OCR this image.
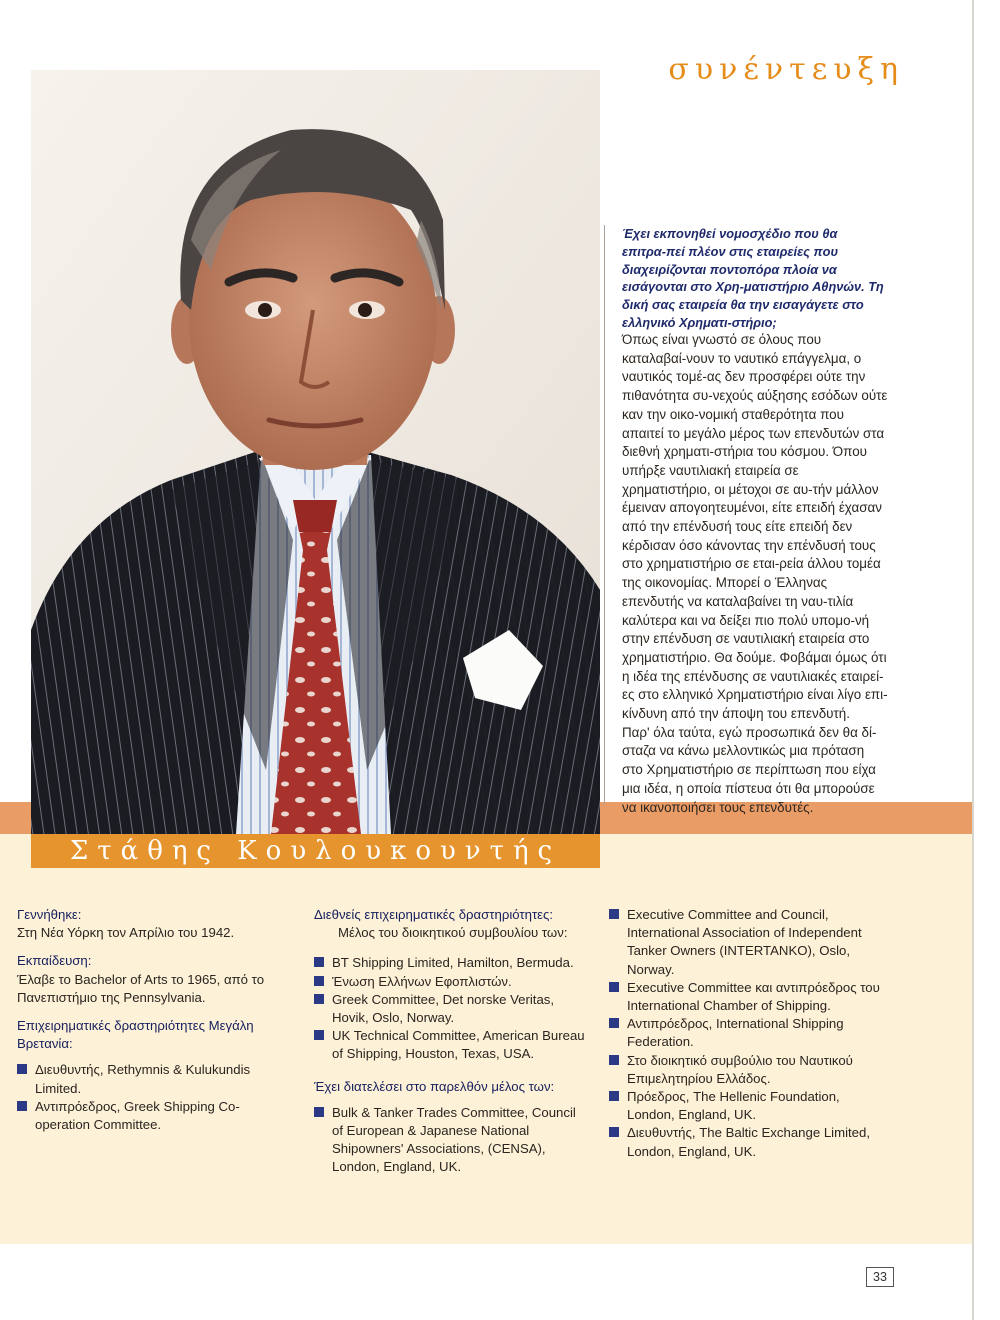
συνέντευξη
Στάθης Κουλουκουντής
Έχει εκπονηθεί νομοσχέδιο που θα επιτρα-πεί πλέον στις εταιρείες που διαχειρίζονται ποντοπόρα πλοία να εισάγονται στο Χρη-ματιστήριο Αθηνών. Τη δική σας εταιρεία θα την εισαγάγετε στο ελληνικό Χρηματι-στήριο;

Όπως είναι γνωστό σε όλους που καταλαβαί-νουν το ναυτικό επάγγελμα, ο ναυτικός τομέ-ας δεν προσφέρει ούτε την πιθανότητα συ-νεχούς αύξησης εσόδων ούτε καν την οικο-νομική σταθερότητα που απαιτεί το μεγάλο μέρος των επενδυτών στα διεθνή χρηματι-στήρια του κόσμου. Όπου υπήρξε ναυτιλιακή εταιρεία σε χρηματιστήριο, οι μέτοχοι σε αυ-τήν μάλλον έμειναν απογοητευμένοι, είτε επειδή έχασαν από την επένδυσή τους είτε επειδή δεν κέρδισαν όσο κάνοντας την επένδυσή τους στο χρηματιστήριο σε εται-ρεία άλλου τομέα της οικονομίας. Μπορεί ο Έλληνας επενδυτής να καταλαβαίνει τη ναυ-τιλία καλύτερα και να δείξει πιο πολύ υπομο-νή στην επένδυση σε ναυτιλιακή εταιρεία στο χρηματιστήριο. Θα δούμε. Φοβάμαι όμως ότι η ιδέα της επένδυσης σε ναυτιλιακές εταιρεί-ες στο ελληνικό Χρηματιστήριο είναι λίγο επι-κίνδυνη από την άποψη του επενδυτή.

Παρ' όλα ταύτα, εγώ προσωπικά δεν θα δί-σταζα να κάνω μελλοντικώς μια πρόταση στο Χρηματιστήριο σε περίπτωση που είχα μια ιδέα, η οποία πίστευα ότι θα μπορούσε να ικανοποιήσει τους επενδυτές.

Γεννήθηκε:
Στη Νέα Υόρκη τον Απρίλιο του 1942.
Εκπαίδευση:
Έλαβε το Bachelor of Arts το 1965, από το Πανεπιστήμιο της Pennsylvania.
Επιχειρηματικές δραστηριότητες Μεγάλη Βρετανία:
Διευθυντής, Rethymnis & Kulukundis Limited.
Αντιπρόεδρος, Greek Shipping Co-operation Committee.
Διεθνείς επιχειρηματικές δραστηριότητες:
Μέλος του διοικητικού συμβουλίου των:
BT Shipping Limited, Hamilton, Bermuda.
Ένωση Ελλήνων Εφοπλιστών.
Greek Committee, Det norske Veritas, Hovik, Oslo, Norway.
UK Technical Committee, American Bureau of Shipping, Houston, Texas, USA.
Έχει διατελέσει στο παρελθόν μέλος των:
Bulk & Tanker Trades Committee, Council of European & Japanese National Shipowners' Associations, (CENSA), London, England, UK.
Executive Committee and Council, International Association of Independent Tanker Owners (INTERTANKO), Oslo, Norway.
Executive Committee και αντιπρόεδρος του International Chamber of Shipping.
Αντιπρόεδρος, International Shipping Federation.
Στο διοικητικό συμβούλιο του Ναυτικού Επιμελητηρίου Ελλάδος.
Πρόεδρος, The Hellenic Foundation, London, England, UK.
Διευθυντής, The Baltic Exchange Limited, London, England, UK.
33
